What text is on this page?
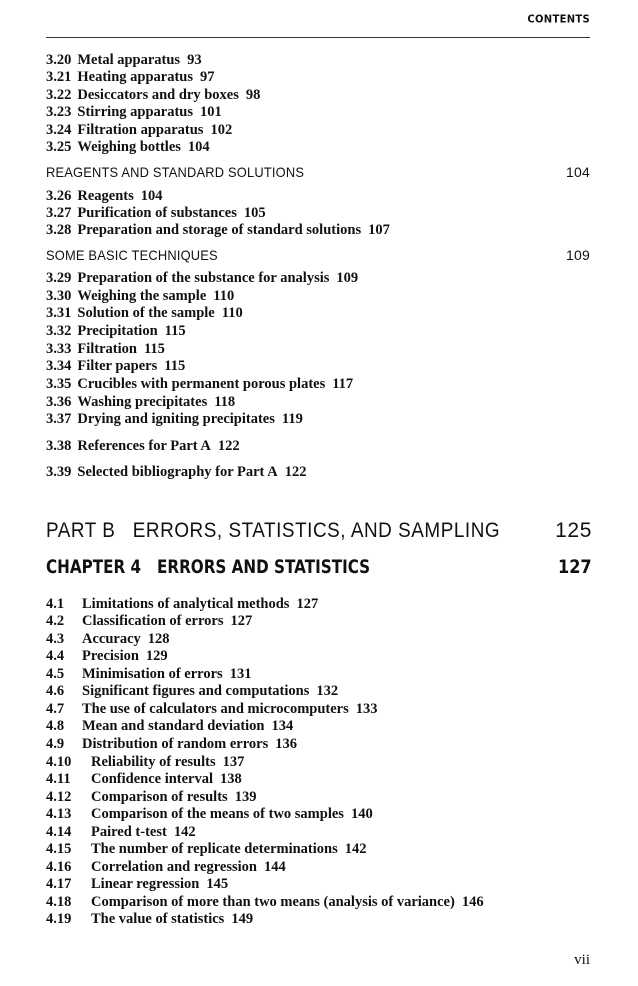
CONTENTS
3.20 Metal apparatus 93
3.21 Heating apparatus 97
3.22 Desiccators and dry boxes 98
3.23 Stirring apparatus 101
3.24 Filtration apparatus 102
3.25 Weighing bottles 104
REAGENTS AND STANDARD SOLUTIONS	104
3.26 Reagents 104
3.27 Purification of substances 105
3.28 Preparation and storage of standard solutions 107
SOME BASIC TECHNIQUES	109
3.29 Preparation of the substance for analysis 109
3.30 Weighing the sample 110
3.31 Solution of the sample 110
3.32 Precipitation 115
3.33 Filtration 115
3.34 Filter papers 115
3.35 Crucibles with permanent porous plates 117
3.36 Washing precipitates 118
3.37 Drying and igniting precipitates 119
3.38 References for Part A 122
3.39 Selected bibliography for Part A 122
PART B   ERRORS, STATISTICS, AND SAMPLING	125
CHAPTER 4   ERRORS AND STATISTICS	127
4.1 Limitations of analytical methods 127
4.2 Classification of errors 127
4.3 Accuracy 128
4.4 Precision 129
4.5 Minimisation of errors 131
4.6 Significant figures and computations 132
4.7 The use of calculators and microcomputers 133
4.8 Mean and standard deviation 134
4.9 Distribution of random errors 136
4.10 Reliability of results 137
4.11 Confidence interval 138
4.12 Comparison of results 139
4.13 Comparison of the means of two samples 140
4.14 Paired t-test 142
4.15 The number of replicate determinations 142
4.16 Correlation and regression 144
4.17 Linear regression 145
4.18 Comparison of more than two means (analysis of variance) 146
4.19 The value of statistics 149
vii
